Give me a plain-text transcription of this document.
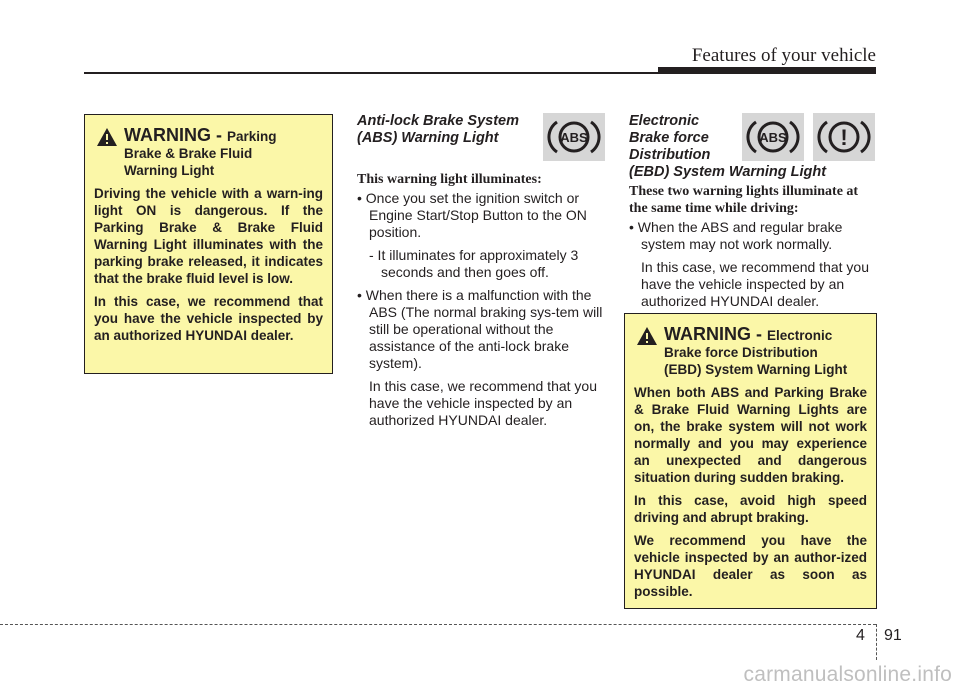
Features of your vehicle
WARNING - Parking
Brake & Brake Fluid
Warning Light

Driving the vehicle with a warn-ing light ON is dangerous. If the Parking Brake & Brake Fluid Warning Light illuminates with the parking brake released, it indicates that the brake fluid level is low.

In this case, we recommend that you have the vehicle inspected by an authorized HYUNDAI dealer.

Anti-lock Brake System
(ABS) Warning Light	ABS
This warning light illuminates:

• Once you set the ignition switch or Engine Start/Stop Button to the ON position.

- It illuminates for approximately 3 seconds and then goes off.

• When there is a malfunction with the ABS (The normal braking sys-tem will still be operational without the assistance of the anti-lock brake system).

In this case, we recommend that you have the vehicle inspected by an authorized HYUNDAI dealer.

Electronic
Brake force
Distribution
(EBD) System Warning Light
ABS !
These two warning lights illuminate at the same time while driving:

• When the ABS and regular brake system may not work normally.

In this case, we recommend that you have the vehicle inspected by an authorized HYUNDAI dealer.

WARNING - Electronic
Brake force Distribution
(EBD) System Warning Light

When both ABS and Parking Brake & Brake Fluid Warning Lights are on, the brake system will not work normally and you may experience an unexpected and dangerous situation during sudden braking.

In this case, avoid high speed driving and abrupt braking.

We recommend you have the vehicle inspected by an author-ized HYUNDAI dealer as soon as possible.

4 91
carmanualsonline.info
